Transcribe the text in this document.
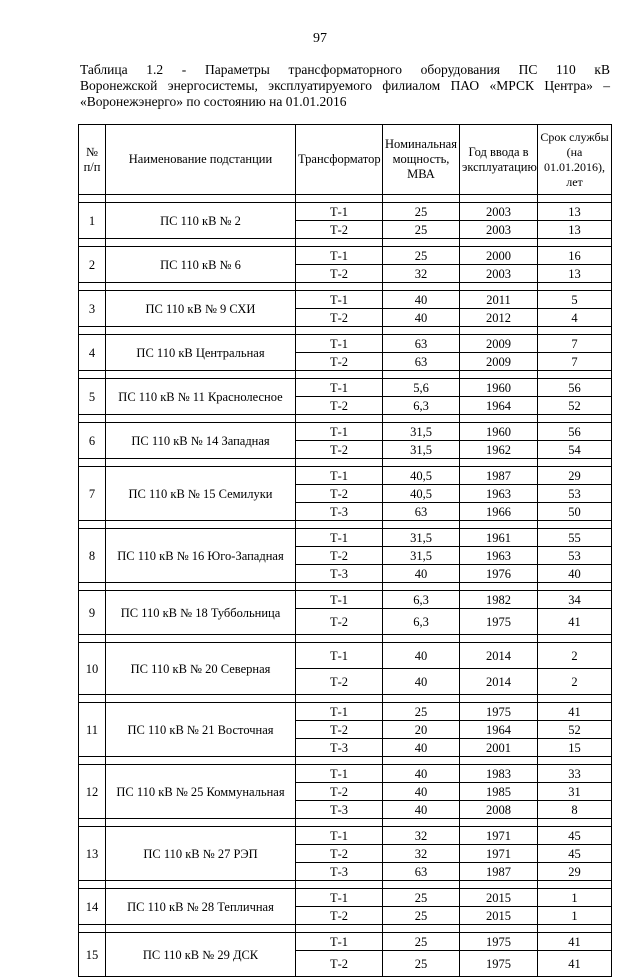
97
Таблица 1.2 - Параметры трансформаторного оборудования ПС 110 кВ
Воронежской энергосистемы, эксплуатируемого филиалом ПАО «МРСК Центра» –
«Воронежэнерго» по состоянию на 01.01.2016
№ п/п	Наименование подстанции	Трансформатор	Номинальная мощность, МВА	Год ввода в эксплуатацию	Срок службы (на 01.01.2016), лет

1	ПС 110 кВ № 2	Т-1	25	2003	13
		Т-2	25	2003	13

2	ПС 110 кВ № 6	Т-1	25	2000	16
		Т-2	32	2003	13

3	ПС 110 кВ № 9 СХИ	Т-1	40	2011	5
		Т-2	40	2012	4

4	ПС 110 кВ Центральная	Т-1	63	2009	7
		Т-2	63	2009	7

5	ПС 110 кВ № 11 Краснолесное	Т-1	5,6	1960	56
		Т-2	6,3	1964	52

6	ПС 110 кВ № 14 Западная	Т-1	31,5	1960	56
		Т-2	31,5	1962	54

7	ПС 110 кВ № 15 Семилуки	Т-1	40,5	1987	29
		Т-2	40,5	1963	53
		Т-3	63	1966	50

8	ПС 110 кВ № 16 Юго-Западная	Т-1	31,5	1961	55
		Т-2	31,5	1963	53
		Т-3	40	1976	40

9	ПС 110 кВ № 18 Туббольница	Т-1	6,3	1982	34
		Т-2	6,3	1975	41

10	ПС 110 кВ № 20 Северная	Т-1	40	2014	2
		Т-2	40	2014	2

11	ПС 110 кВ № 21 Восточная	Т-1	25	1975	41
		Т-2	20	1964	52
		Т-3	40	2001	15

12	ПС 110 кВ № 25 Коммунальная	Т-1	40	1983	33
		Т-2	40	1985	31
		Т-3	40	2008	8

13	ПС 110 кВ № 27 РЭП	Т-1	32	1971	45
		Т-2	32	1971	45
		Т-3	63	1987	29

14	ПС 110 кВ № 28 Тепличная	Т-1	25	2015	1
		Т-2	25	2015	1

15	ПС 110 кВ № 29 ДСК	Т-1	25	1975	41
		Т-2	25	1975	41
